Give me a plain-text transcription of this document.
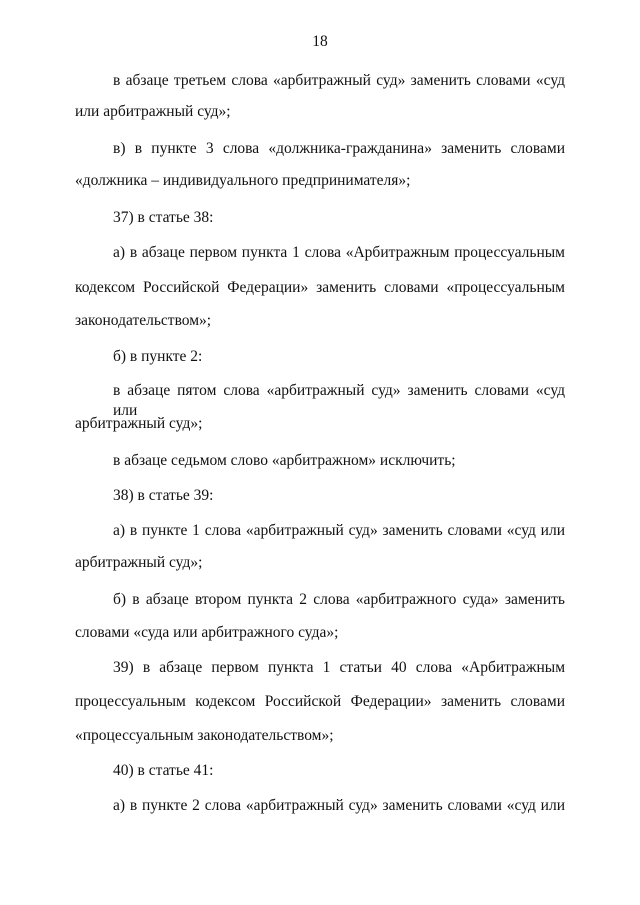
18
в абзаце третьем слова «арбитражный суд» заменить словами «суд
или арбитражный суд»;
в) в пункте 3 слова «должника-гражданина» заменить словами
«должника – индивидуального предпринимателя»;
37) в статье 38:
а) в абзаце первом пункта 1 слова «Арбитражным процессуальным
кодексом Российской Федерации» заменить словами «процессуальным
законодательством»;
б) в пункте 2:
в абзаце пятом слова «арбитражный суд» заменить словами «суд или
арбитражный суд»;
в абзаце седьмом слово «арбитражном» исключить;
38) в статье 39:
а) в пункте 1 слова «арбитражный суд» заменить словами «суд или
арбитражный суд»;
б) в абзаце втором пункта 2 слова «арбитражного суда» заменить
словами «суда или арбитражного суда»;
39) в абзаце первом пункта 1 статьи 40 слова «Арбитражным
процессуальным кодексом Российской Федерации» заменить словами
«процессуальным законодательством»;
40) в статье 41:
а) в пункте 2 слова «арбитражный суд» заменить словами «суд или
